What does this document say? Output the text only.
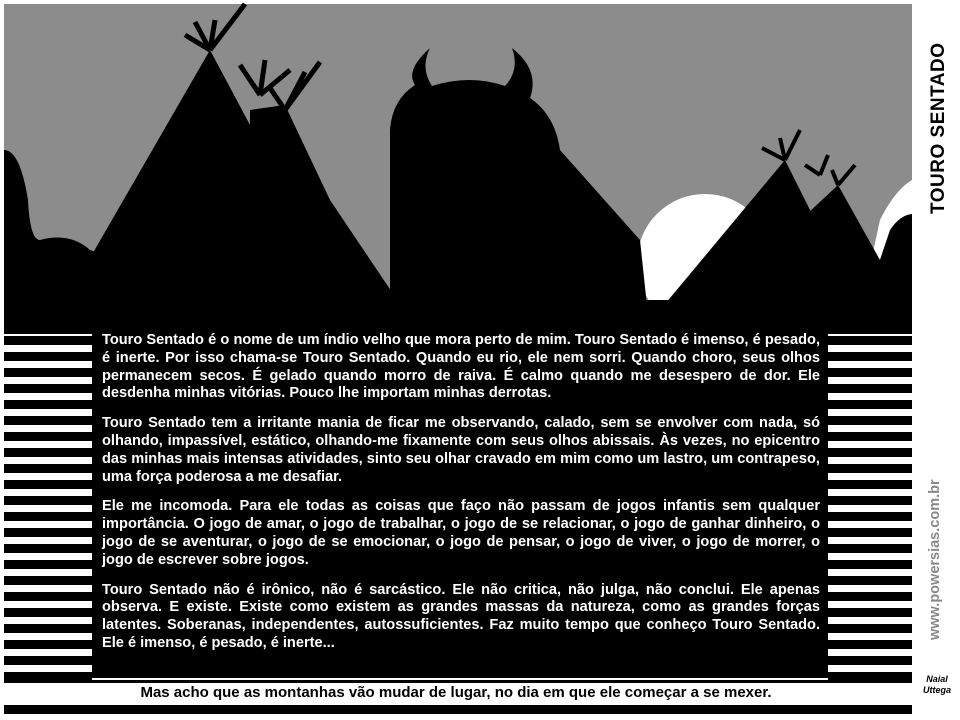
Touro Sentado é o nome de um índio velho que mora perto de mim. Touro Sentado é imenso, é pesado, é inerte. Por isso chama-se Touro Sentado. Quando eu rio, ele nem sorri. Quando choro, seus olhos permanecem secos. É gelado quando morro de raiva. É calmo quando me desespero de dor. Ele desdenha minhas vitórias. Pouco lhe importam minhas derrotas.

Touro Sentado tem a irritante mania de ficar me observando, calado, sem se envolver com nada, só olhando, impassível, estático, olhando-me fixamente com seus olhos abissais. Às vezes, no epicentro das minhas mais intensas atividades, sinto seu olhar cravado em mim como um lastro, um contrapeso, uma força poderosa a me desafiar.

Ele me incomoda. Para ele todas as coisas que faço não passam de jogos infantis sem qualquer importância. O jogo de amar, o jogo de trabalhar, o jogo de se relacionar, o jogo de ganhar dinheiro, o jogo de se aventurar, o jogo de se emocionar, o jogo de pensar, o jogo de viver, o jogo de morrer, o jogo de escrever sobre jogos.

Touro Sentado não é irônico, não é sarcástico. Ele não critica, não julga, não conclui. Ele apenas observa. E existe. Existe como existem as grandes massas da natureza, como as grandes forças latentes. Soberanas, independentes, autossuficientes. Faz muito tempo que conheço Touro Sentado. Ele é imenso, é pesado, é inerte...

Mas acho que as montanhas vão mudar de lugar, no dia em que ele começar a se mexer.
TOURO SENTADO
www.powersias.com.br
Naial
Uttega
